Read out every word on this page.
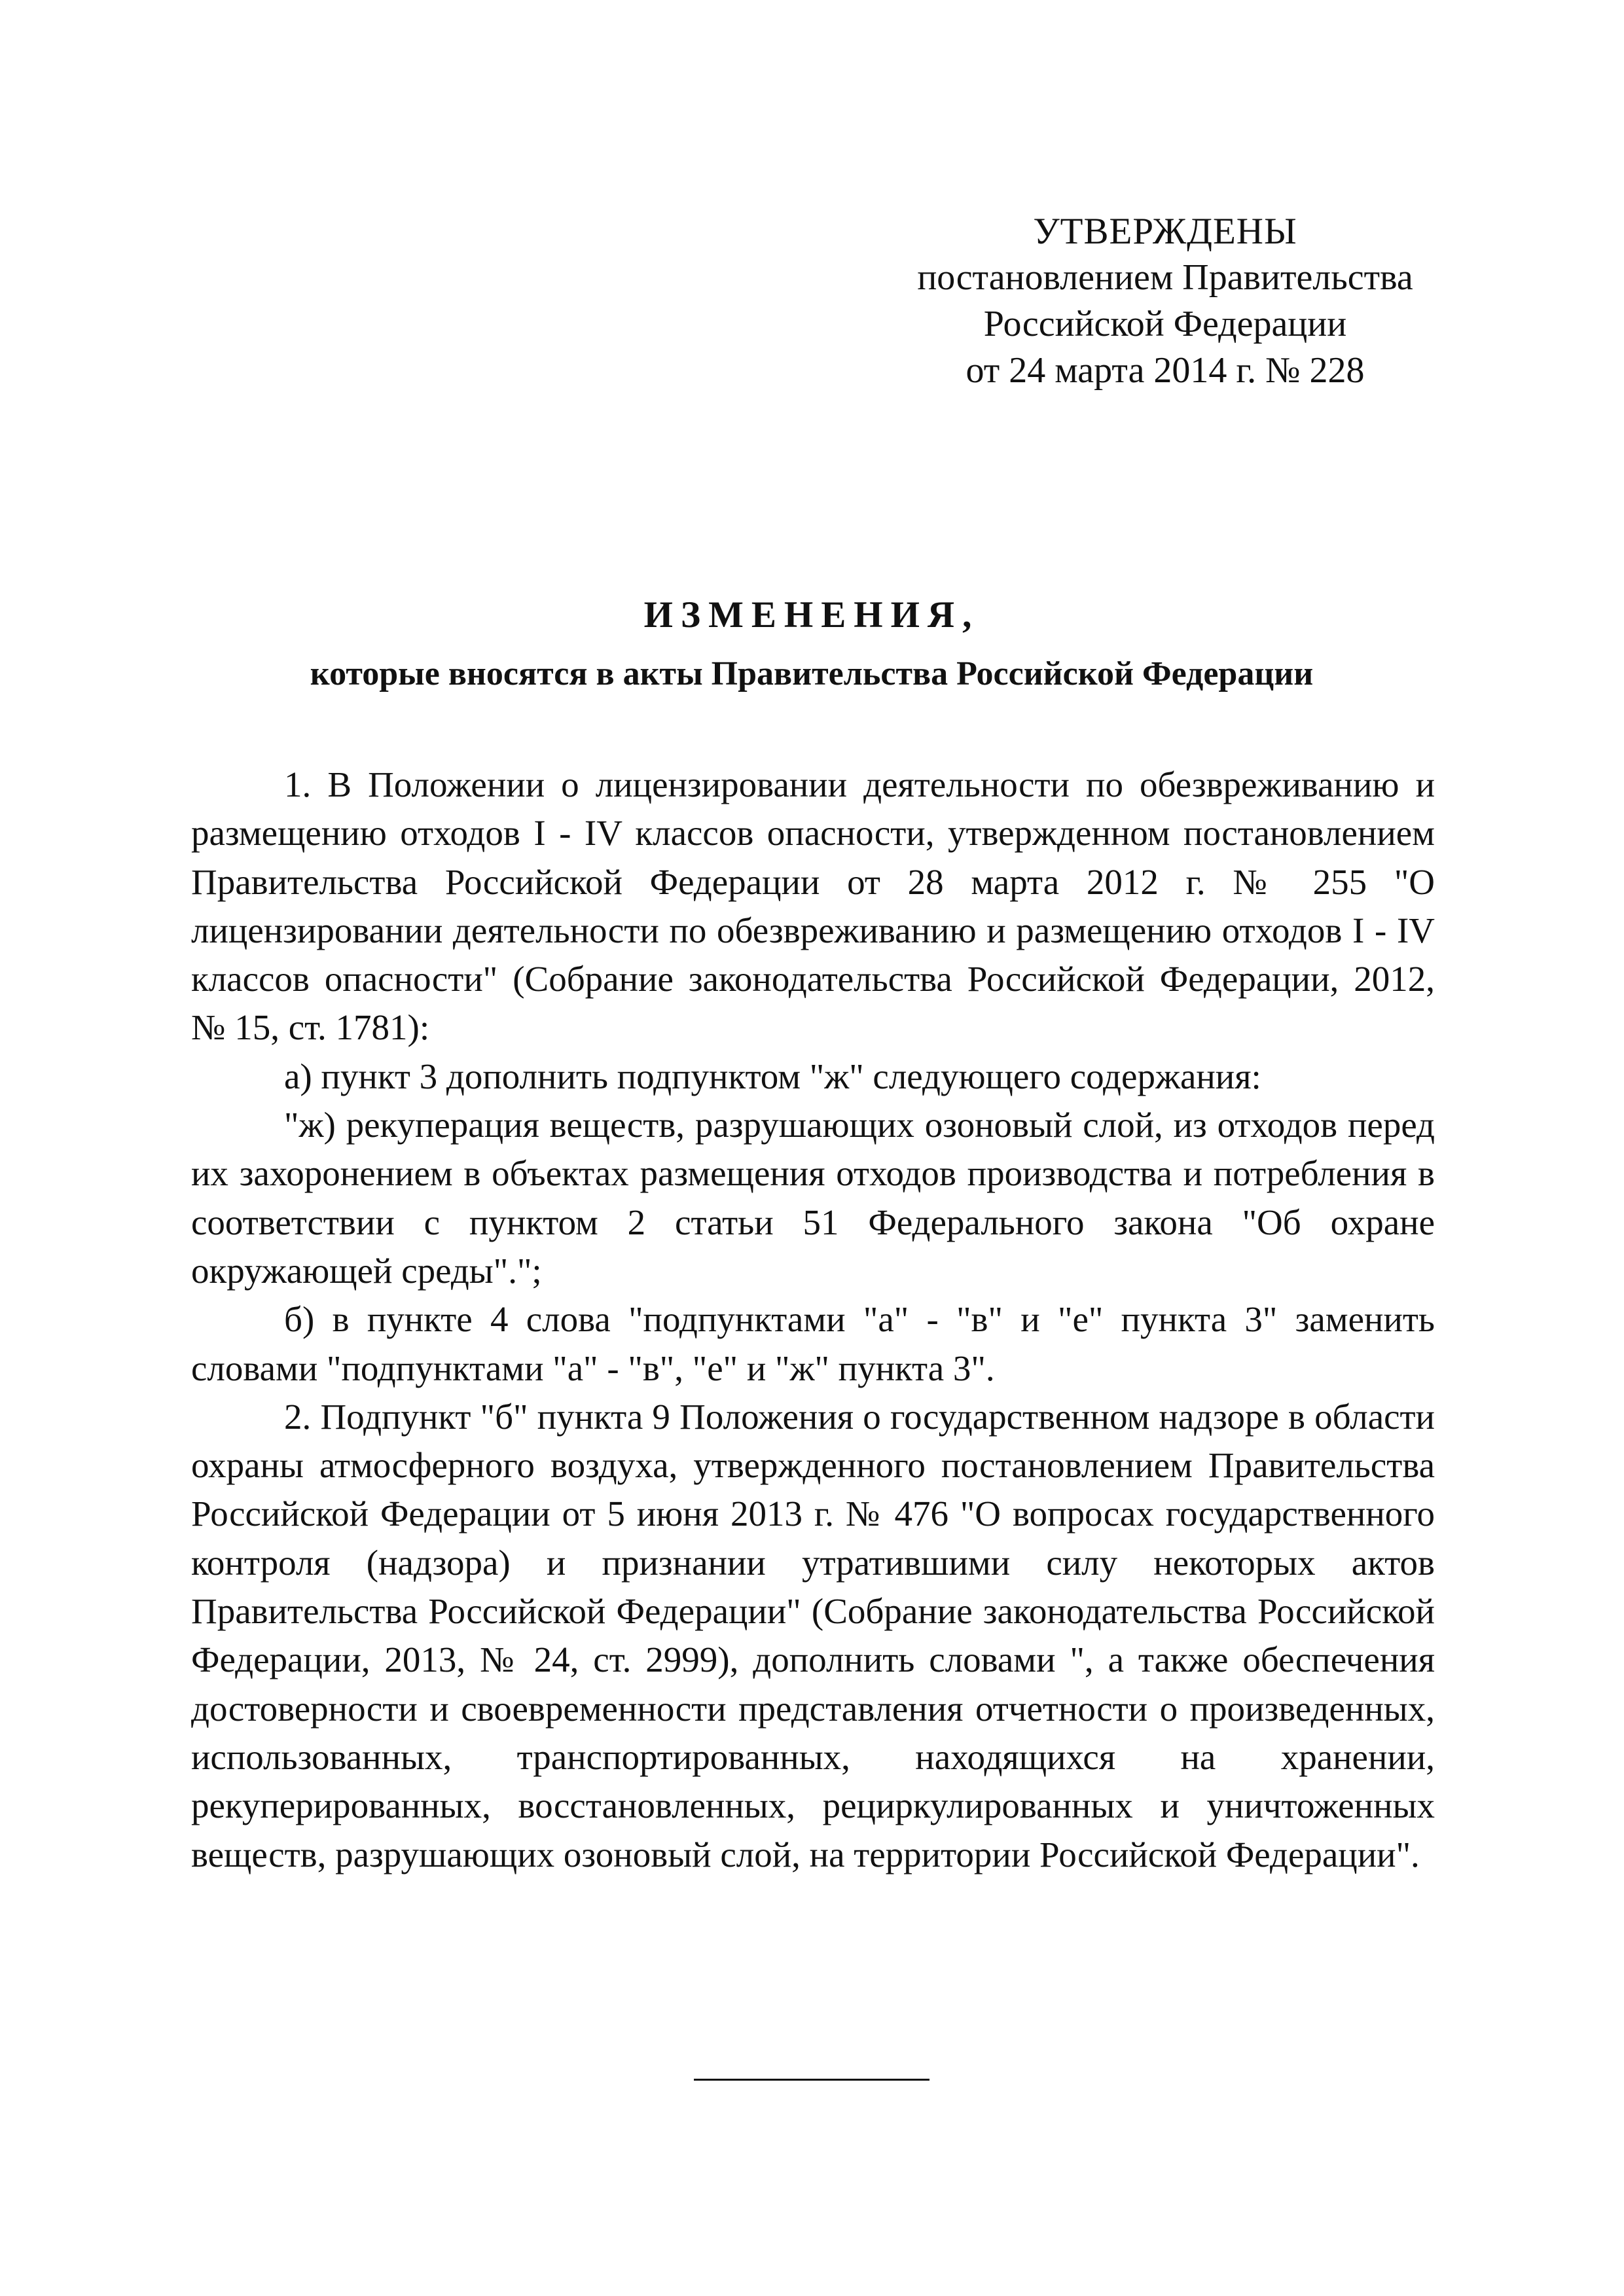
УТВЕРЖДЕНЫ
постановлением Правительства
Российской Федерации
от 24 марта 2014 г. № 228
ИЗМЕНЕНИЯ,
которые вносятся в акты Правительства Российской Федерации

1. В Положении о лицензировании деятельности по обезвреживанию и размещению отходов I - IV классов опасности, утвержденном постановлением Правительства Российской Федерации от 28 марта 2012 г. № 255 "О лицензировании деятельности по обезвреживанию и размещению отходов I - IV классов опасности" (Собрание законодательства Российской Федерации, 2012, № 15, ст. 1781):

а) пункт 3 дополнить подпунктом "ж" следующего содержания:

"ж) рекуперация веществ, разрушающих озоновый слой, из отходов перед их захоронением в объектах размещения отходов производства и потребления в соответствии с пунктом 2 статьи 51 Федерального закона "Об охране окружающей среды".";

б) в пункте 4 слова "подпунктами "а" - "в" и "е" пункта 3" заменить словами "подпунктами "а" - "в", "е" и "ж" пункта 3".

2. Подпункт "б" пункта 9 Положения о государственном надзоре в области охраны атмосферного воздуха, утвержденного постановлением Правительства Российской Федерации от 5 июня 2013 г. № 476 "О вопросах государственного контроля (надзора) и признании утратившими силу некоторых актов Правительства Российской Федерации" (Собрание законодательства Российской Федерации, 2013, № 24, ст. 2999), дополнить словами ", а также обеспечения достоверности и своевременности представления отчетности о произведенных, использованных, транспортированных, находящихся на хранении, рекуперированных, восстановленных, рециркулированных и уничтоженных веществ, разрушающих озоновый слой, на территории Российской Федерации".
